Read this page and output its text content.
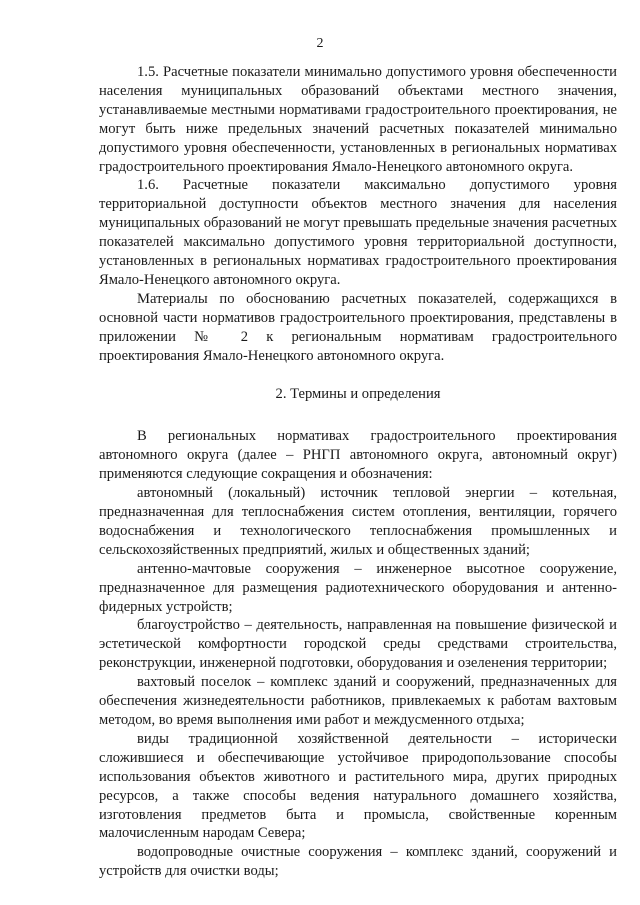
2

1.5. Расчетные показатели минимально допустимого уровня обеспеченности населения муниципальных образований объектами местного значения, устанавливаемые местными нормативами градостроительного проектирования, не могут быть ниже предельных значений расчетных показателей минимально допустимого уровня обеспеченности, установленных в региональных нормативах градостроительного проектирования Ямало-Ненецкого автономного округа.

1.6. Расчетные показатели максимально допустимого уровня территориальной доступности объектов местного значения для населения муниципальных образований не могут превышать предельные значения расчетных показателей максимально допустимого уровня территориальной доступности, установленных в региональных нормативах градостроительного проектирования Ямало-Ненецкого автономного округа.

Материалы по обоснованию расчетных показателей, содержащихся в основной части нормативов градостроительного проектирования, представлены в приложении № 2 к региональным нормативам градостроительного проектирования Ямало-Ненецкого автономного округа.

2. Термины и определения

В региональных нормативах градостроительного проектирования автономного округа (далее – РНГП автономного округа, автономный округ) применяются следующие сокращения и обозначения:

автономный (локальный) источник тепловой энергии – котельная, предназначенная для теплоснабжения систем отопления, вентиляции, горячего водоснабжения и технологического теплоснабжения промышленных и сельскохозяйственных предприятий, жилых и общественных зданий;

антенно-мачтовые сооружения – инженерное высотное сооружение, предназначенное для размещения радиотехнического оборудования и антенно-фидерных устройств;

благоустройство – деятельность, направленная на повышение физической и эстетической комфортности городской среды средствами строительства, реконструкции, инженерной подготовки, оборудования и озеленения территории;

вахтовый поселок – комплекс зданий и сооружений, предназначенных для обеспечения жизнедеятельности работников, привлекаемых к работам вахтовым методом, во время выполнения ими работ и междусменного отдыха;

виды традиционной хозяйственной деятельности – исторически сложившиеся и обеспечивающие устойчивое природопользование способы использования объектов животного и растительного мира, других природных ресурсов, а также способы ведения натурального домашнего хозяйства, изготовления предметов быта и промысла, свойственные коренным малочисленным народам Севера;

водопроводные очистные сооружения – комплекс зданий, сооружений и устройств для очистки воды;
